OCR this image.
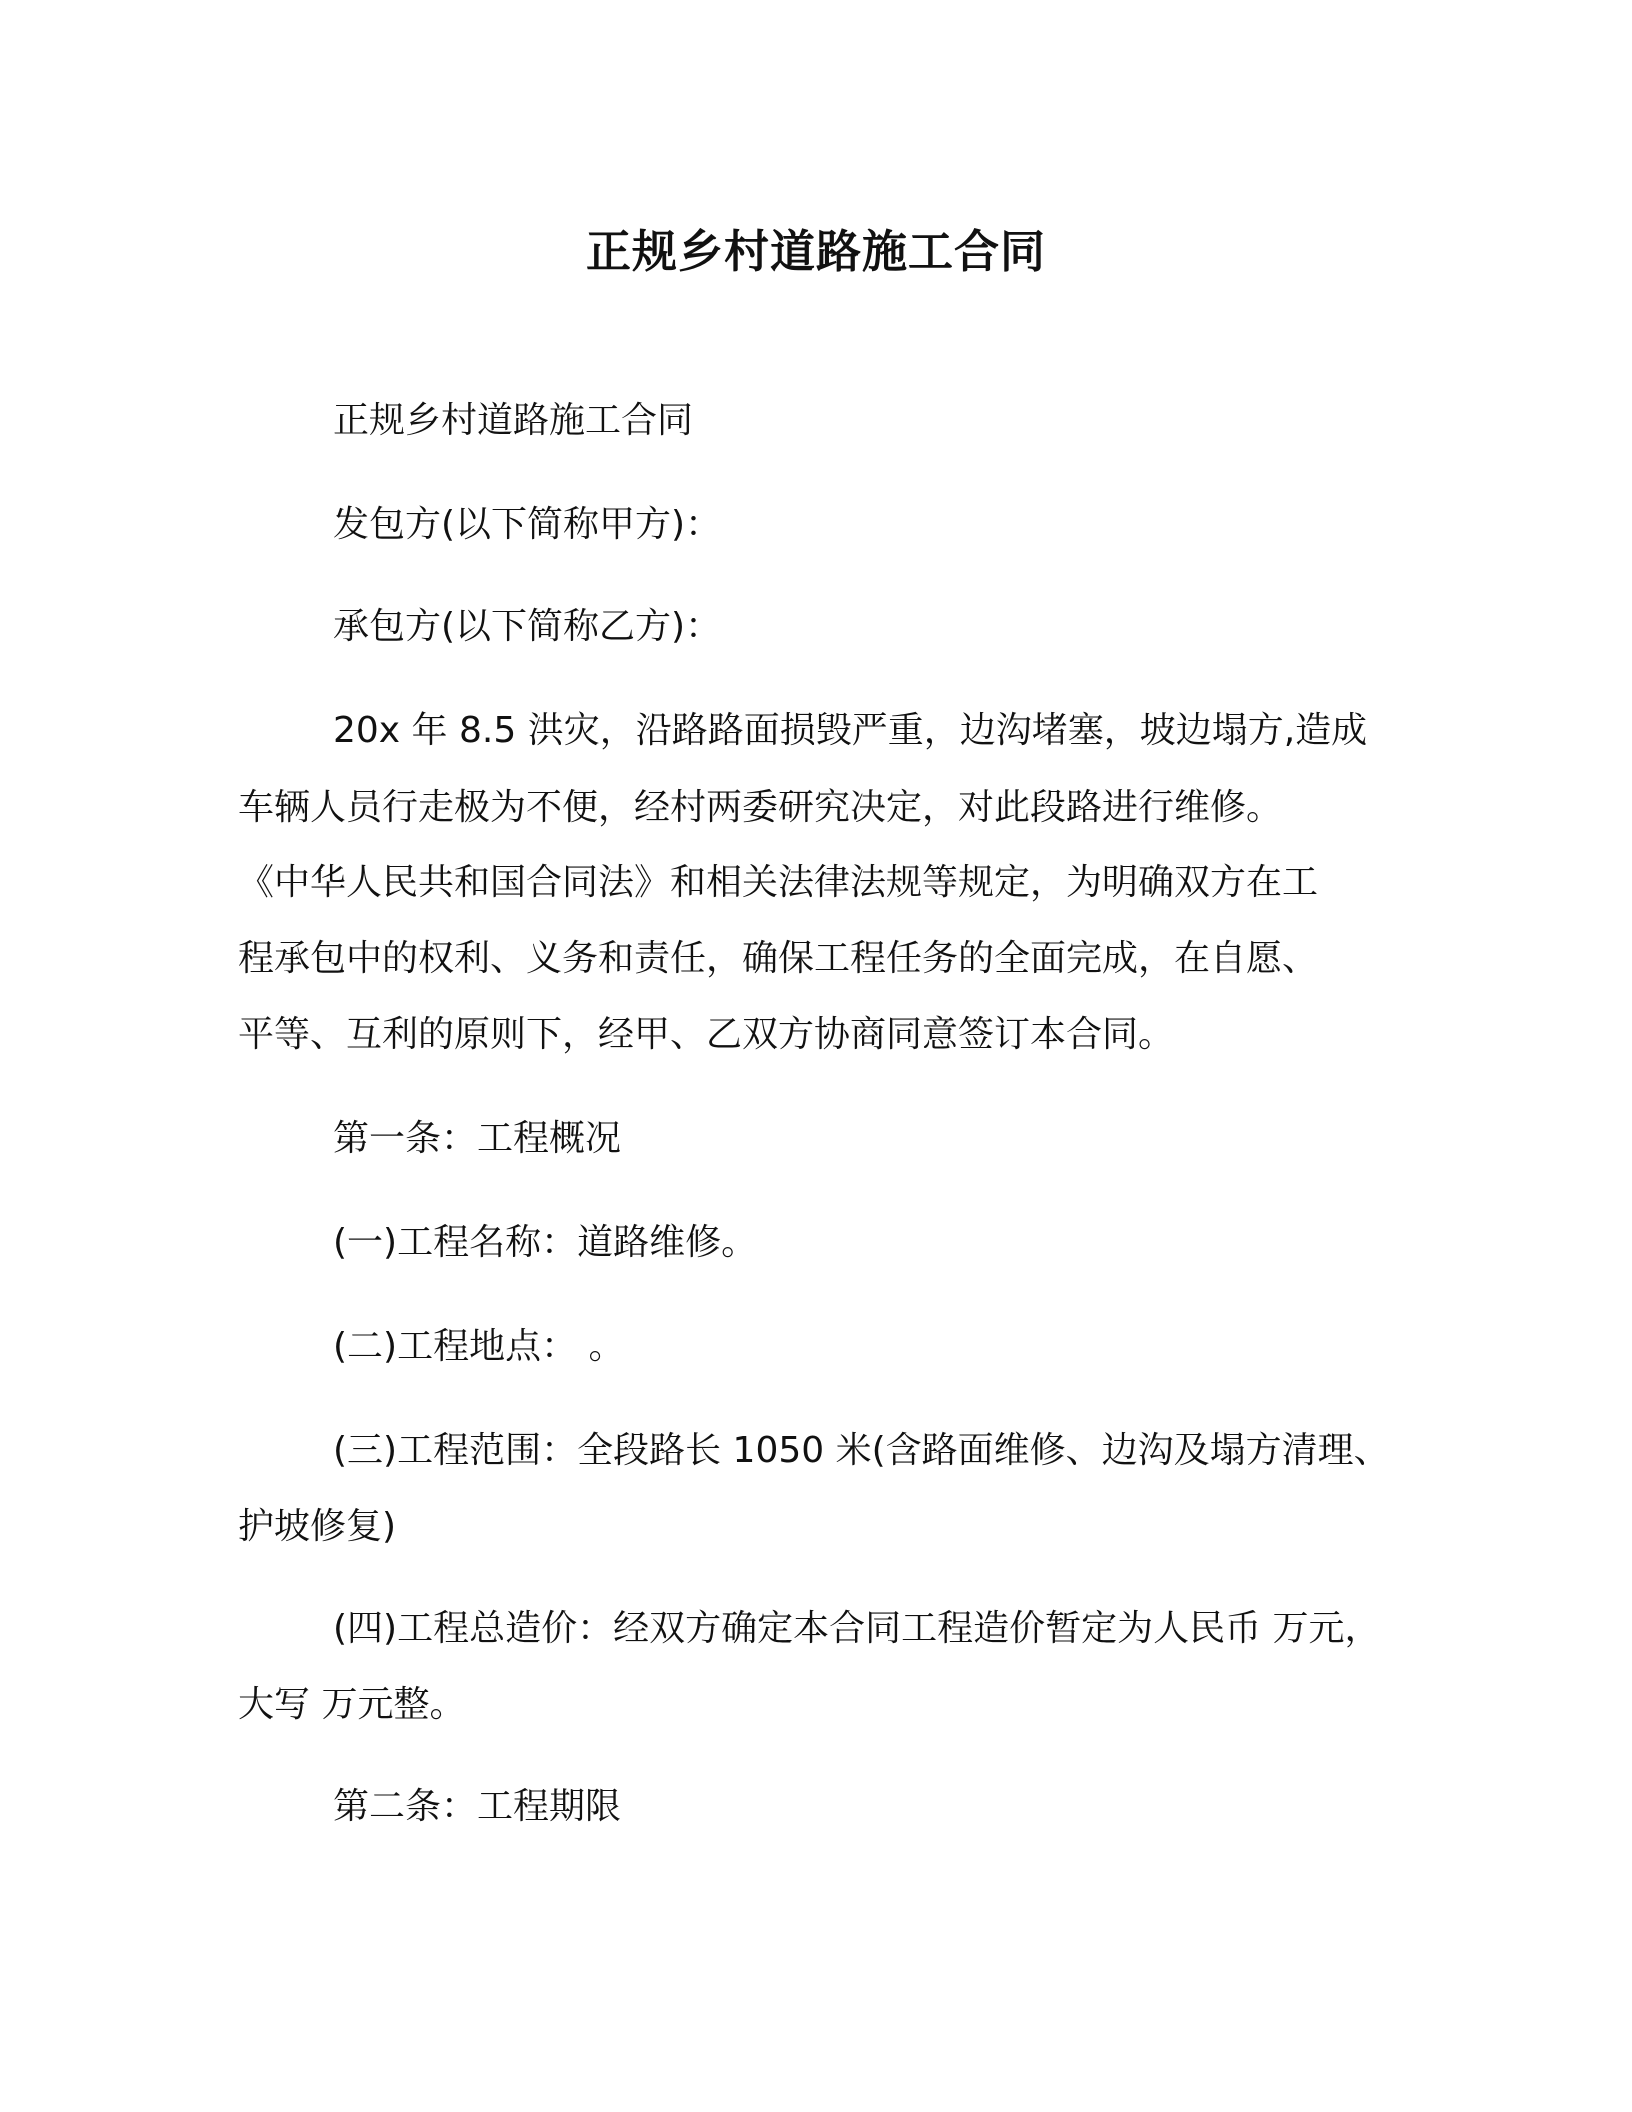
正规乡村道路施工合同

正规乡村道路施工合同

发包方(以下简称甲方)：

承包方(以下简称乙方)：

20x 年 8.5 洪灾，沿路路面损毁严重，边沟堵塞，坡边塌方,造成

车辆人员行走极为不便，经村两委研究决定，对此段路进行维修。

《中华人民共和国合同法》和相关法律法规等规定，为明确双方在工

程承包中的权利、义务和责任，确保工程任务的全面完成，在自愿、

平等、互利的原则下，经甲、乙双方协商同意签订本合同。

第一条：工程概况

(一)工程名称：道路维修。

(二)工程地点： 。

(三)工程范围：全段路长 1050 米(含路面维修、边沟及塌方清理、

护坡修复)

(四)工程总造价：经双方确定本合同工程造价暂定为人民币 万元，

大写 万元整。

第二条：工程期限
